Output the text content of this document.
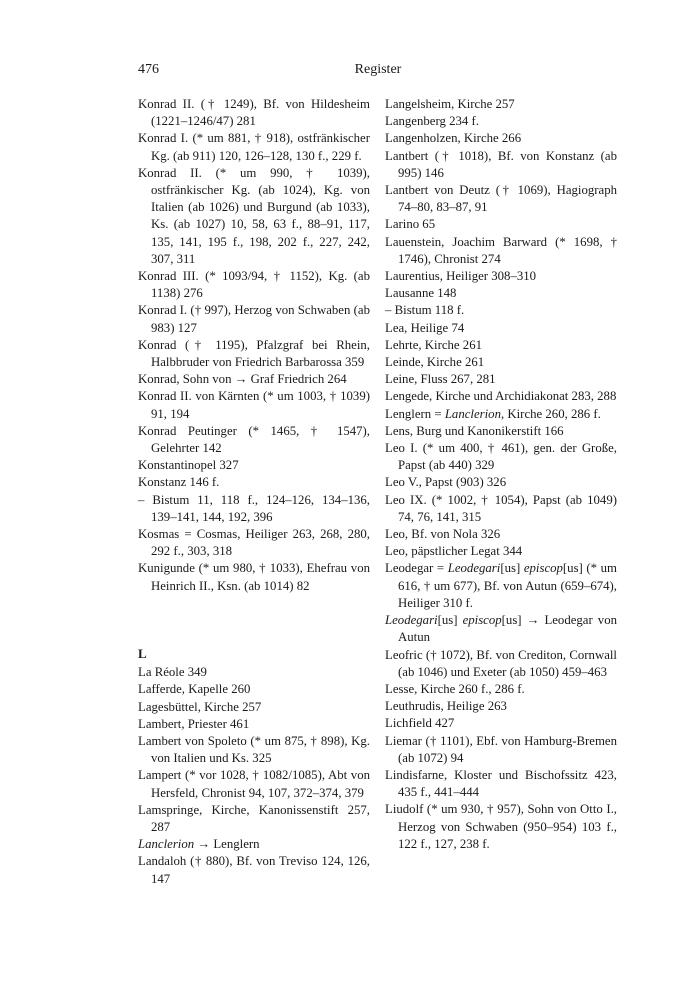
476	Register
Konrad II. († 1249), Bf. von Hildesheim (1221–1246/47) 281
Konrad I. (* um 881, † 918), ostfränkischer Kg. (ab 911) 120, 126–128, 130 f., 229 f.
Konrad II. (* um 990, † 1039), ostfränkischer Kg. (ab 1024), Kg. von Italien (ab 1026) und Burgund (ab 1033), Ks. (ab 1027) 10, 58, 63 f., 88–91, 117, 135, 141, 195 f., 198, 202 f., 227, 242, 307, 311
Konrad III. (* 1093/94, † 1152), Kg. (ab 1138) 276
Konrad I. († 997), Herzog von Schwaben (ab 983) 127
Konrad († 1195), Pfalzgraf bei Rhein, Halbbruder von Friedrich Barbarossa 359
Konrad, Sohn von → Graf Friedrich 264
Konrad II. von Kärnten (* um 1003, † 1039) 91, 194
Konrad Peutinger (* 1465, † 1547), Gelehrter 142
Konstantinopel 327
Konstanz 146 f.
– Bistum 11, 118 f., 124–126, 134–136, 139–141, 144, 192, 396
Kosmas = Cosmas, Heiliger 263, 268, 280, 292 f., 303, 318
Kunigunde (* um 980, † 1033), Ehefrau von Heinrich II., Ksn. (ab 1014) 82
L
La Réole 349
Lafferde, Kapelle 260
Lagesbüttel, Kirche 257
Lambert, Priester 461
Lambert von Spoleto (* um 875, † 898), Kg. von Italien und Ks. 325
Lampert (* vor 1028, † 1082/1085), Abt von Hersfeld, Chronist 94, 107, 372–374, 379
Lamspringe, Kirche, Kanonissenstift 257, 287
Lanclerion → Lenglern
Landaloh († 880), Bf. von Treviso 124, 126, 147
Langelsheim, Kirche 257
Langenberg 234 f.
Langenholzen, Kirche 266
Lantbert († 1018), Bf. von Konstanz (ab 995) 146
Lantbert von Deutz († 1069), Hagiograph 74–80, 83–87, 91
Larino 65
Lauenstein, Joachim Barward (* 1698, † 1746), Chronist 274
Laurentius, Heiliger 308–310
Lausanne 148
– Bistum 118 f.
Lea, Heilige 74
Lehrte, Kirche 261
Leinde, Kirche 261
Leine, Fluss 267, 281
Lengede, Kirche und Archidiakonat 283, 288
Lenglern = Lanclerion, Kirche 260, 286 f.
Lens, Burg und Kanonikerstift 166
Leo I. (* um 400, † 461), gen. der Große, Papst (ab 440) 329
Leo V., Papst (903) 326
Leo IX. (* 1002, † 1054), Papst (ab 1049) 74, 76, 141, 315
Leo, Bf. von Nola 326
Leo, päpstlicher Legat 344
Leodegar = Leodegari[us] episcop[us] (* um 616, † um 677), Bf. von Autun (659–674), Heiliger 310 f.
Leodegari[us] episcop[us] → Leodegar von Autun
Leofric († 1072), Bf. von Crediton, Cornwall (ab 1046) und Exeter (ab 1050) 459–463
Lesse, Kirche 260 f., 286 f.
Leuthrudis, Heilige 263
Lichfield 427
Liemar († 1101), Ebf. von Hamburg-Bremen (ab 1072) 94
Lindisfarne, Kloster und Bischofssitz 423, 435 f., 441–444
Liudolf (* um 930, † 957), Sohn von Otto I., Herzog von Schwaben (950–954) 103 f., 122 f., 127, 238 f.
